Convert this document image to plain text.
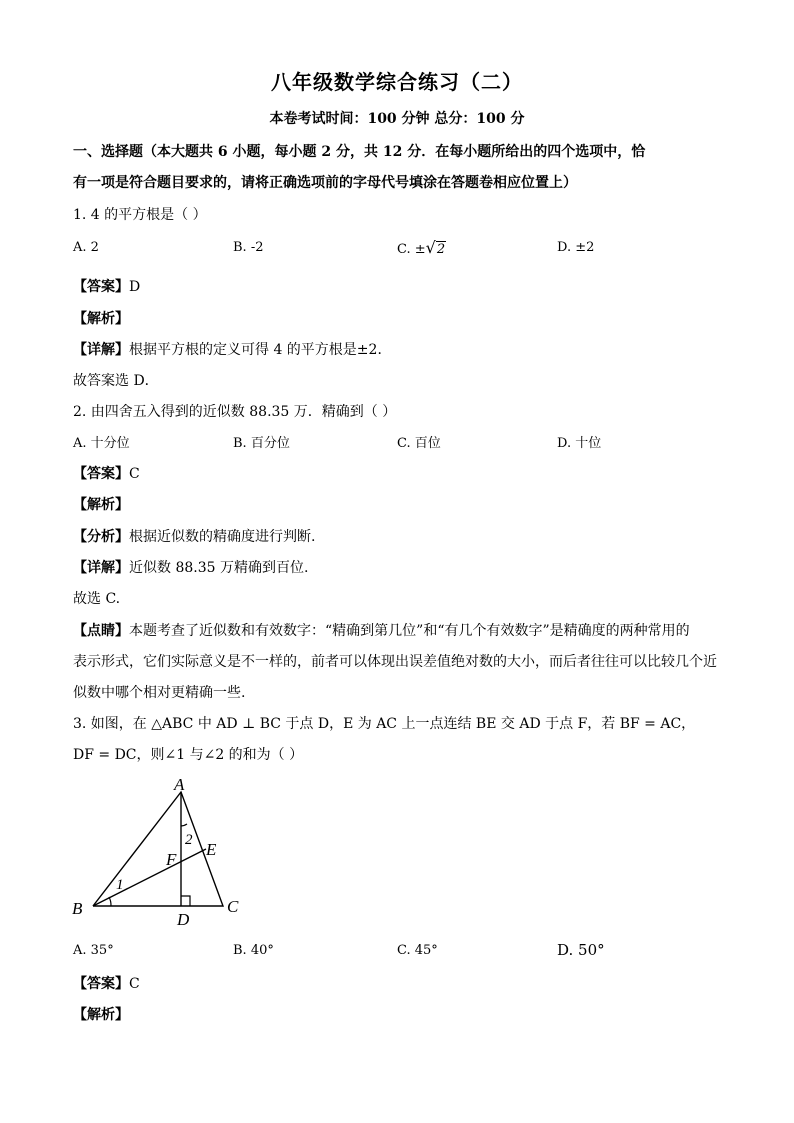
八年级数学综合练习（二）
本卷考试时间：100 分钟 总分：100 分
一、选择题（本大题共 6 小题，每小题 2 分，共 12 分．在每小题所给出的四个选项中，恰
有一项是符合题目要求的，请将正确选项前的字母代号填涂在答题卷相应位置上）
1. 4 的平方根是（ ）
A. 2	B. -2	C. ±√2	D. ±2
【答案】D
【解析】
【详解】根据平方根的定义可得 4 的平方根是±2．
故答案选 D．
2. 由四舍五入得到的近似数 88.35 万．精确到（ ）
A. 十分位	B. 百分位	C. 百位	D. 十位
【答案】C
【解析】
【分析】根据近似数的精确度进行判断.
【详解】近似数 88.35 万精确到百位.
故选 C.
【点睛】本题考查了近似数和有效数字：“精确到第几位”和“有几个有效数字”是精确度的两种常用的
表示形式，它们实际意义是不一样的，前者可以体现出误差值绝对数的大小，而后者往往可以比较几个近
似数中哪个相对更精确一些.
3. 如图，在 △ABC 中 AD ⊥ BC 于点 D，E 为 AC 上一点连结 BE 交 AD 于点 F，若 BF = AC，
DF = DC，则∠1 与∠2 的和为（ ）
A
B	C
D
E
F
1
2
A. 35°	B. 40°	C. 45°	D. 50°
【答案】C
【解析】
